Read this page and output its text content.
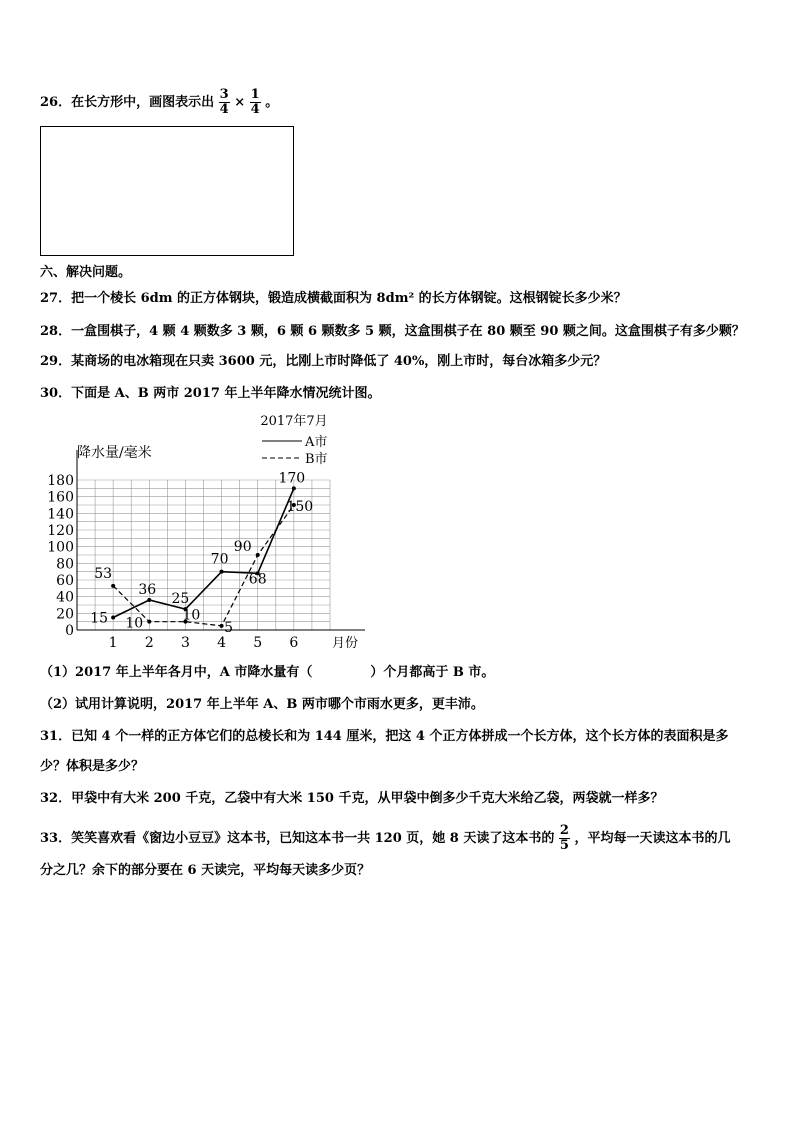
26．在长方形中，画图表示出 $\frac{3}{4} \times \frac{1}{4}$ 。
六、解决问题。
27．把一个棱长 6dm 的正方体钢块，锻造成横截面积为 8dm² 的长方体钢锭。这根钢锭长多少米？
28．一盒围棋子，4 颗 4 颗数多 3 颗，6 颗 6 颗数多 5 颗，这盒围棋子在 80 颗至 90 颗之间。这盒围棋子有多少颗？
29．某商场的电冰箱现在只卖 3600 元，比刚上市时降低了 40%，刚上市时，每台冰箱多少元？
30．下面是 A、B 两市 2017 年上半年降水情况统计图。
2017年7月
降水量/毫米
月份
A市
B市
0
20
40
60
80
100
120
140
160
180
1 2 3 4 5 6
15
36
25
70
68
170
53
10	10
5
90
150
（1）2017 年上半年各月中，A 市降水量有（	）个月都高于 B 市。
（2）试用计算说明，2017 年上半年 A、B 两市哪个市雨水更多，更丰沛。
31．已知 4 个一样的正方体它们的总棱长和为 144 厘米，把这 4 个正方体拼成一个长方体，这个长方体的表面积是多
少？体积是多少？
32．甲袋中有大米 200 千克，乙袋中有大米 150 千克，从甲袋中倒多少千克大米给乙袋，两袋就一样多？
33．笑笑喜欢看《窗边小豆豆》这本书，已知这本书一共 120 页，她 8 天读了这本书的 $\frac{2}{5}$ ，平均每一天读这本书的几
分之几？余下的部分要在 6 天读完，平均每天读多少页？
